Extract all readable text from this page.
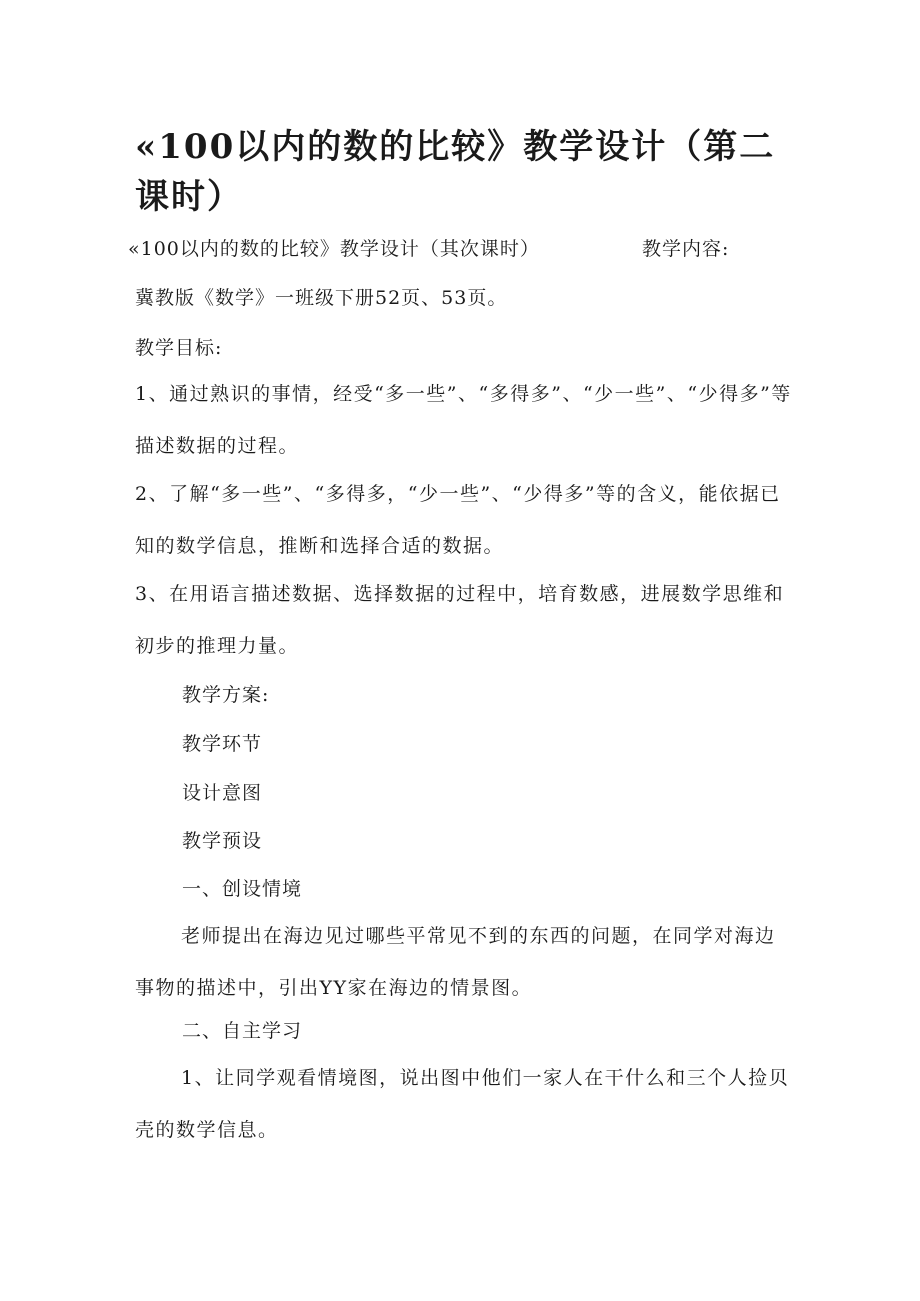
«100以内的数的比较》教学设计（第二课时）

«100以内的数的比较》教学设计（其次课时）	教学内容:

冀教版《数学》一班级下册52页、53页。

教学目标:

1、通过熟识的事情，经受“多一些”、“多得多”、“少一些”、“少得多”等描述数据的过程。

2、了解“多一些”、“多得多，“少一些”、“少得多”等的含义，能依据已知的数学信息，推断和选择合适的数据。

3、在用语言描述数据、选择数据的过程中，培育数感，进展数学思维和初步的推理力量。

教学方案:

教学环节

设计意图

教学预设

一、创设情境

老师提出在海边见过哪些平常见不到的东西的问题，在同学对海边事物的描述中，引出YY家在海边的情景图。

二、自主学习

1、让同学观看情境图，说出图中他们一家人在干什么和三个人捡贝壳的数学信息。
